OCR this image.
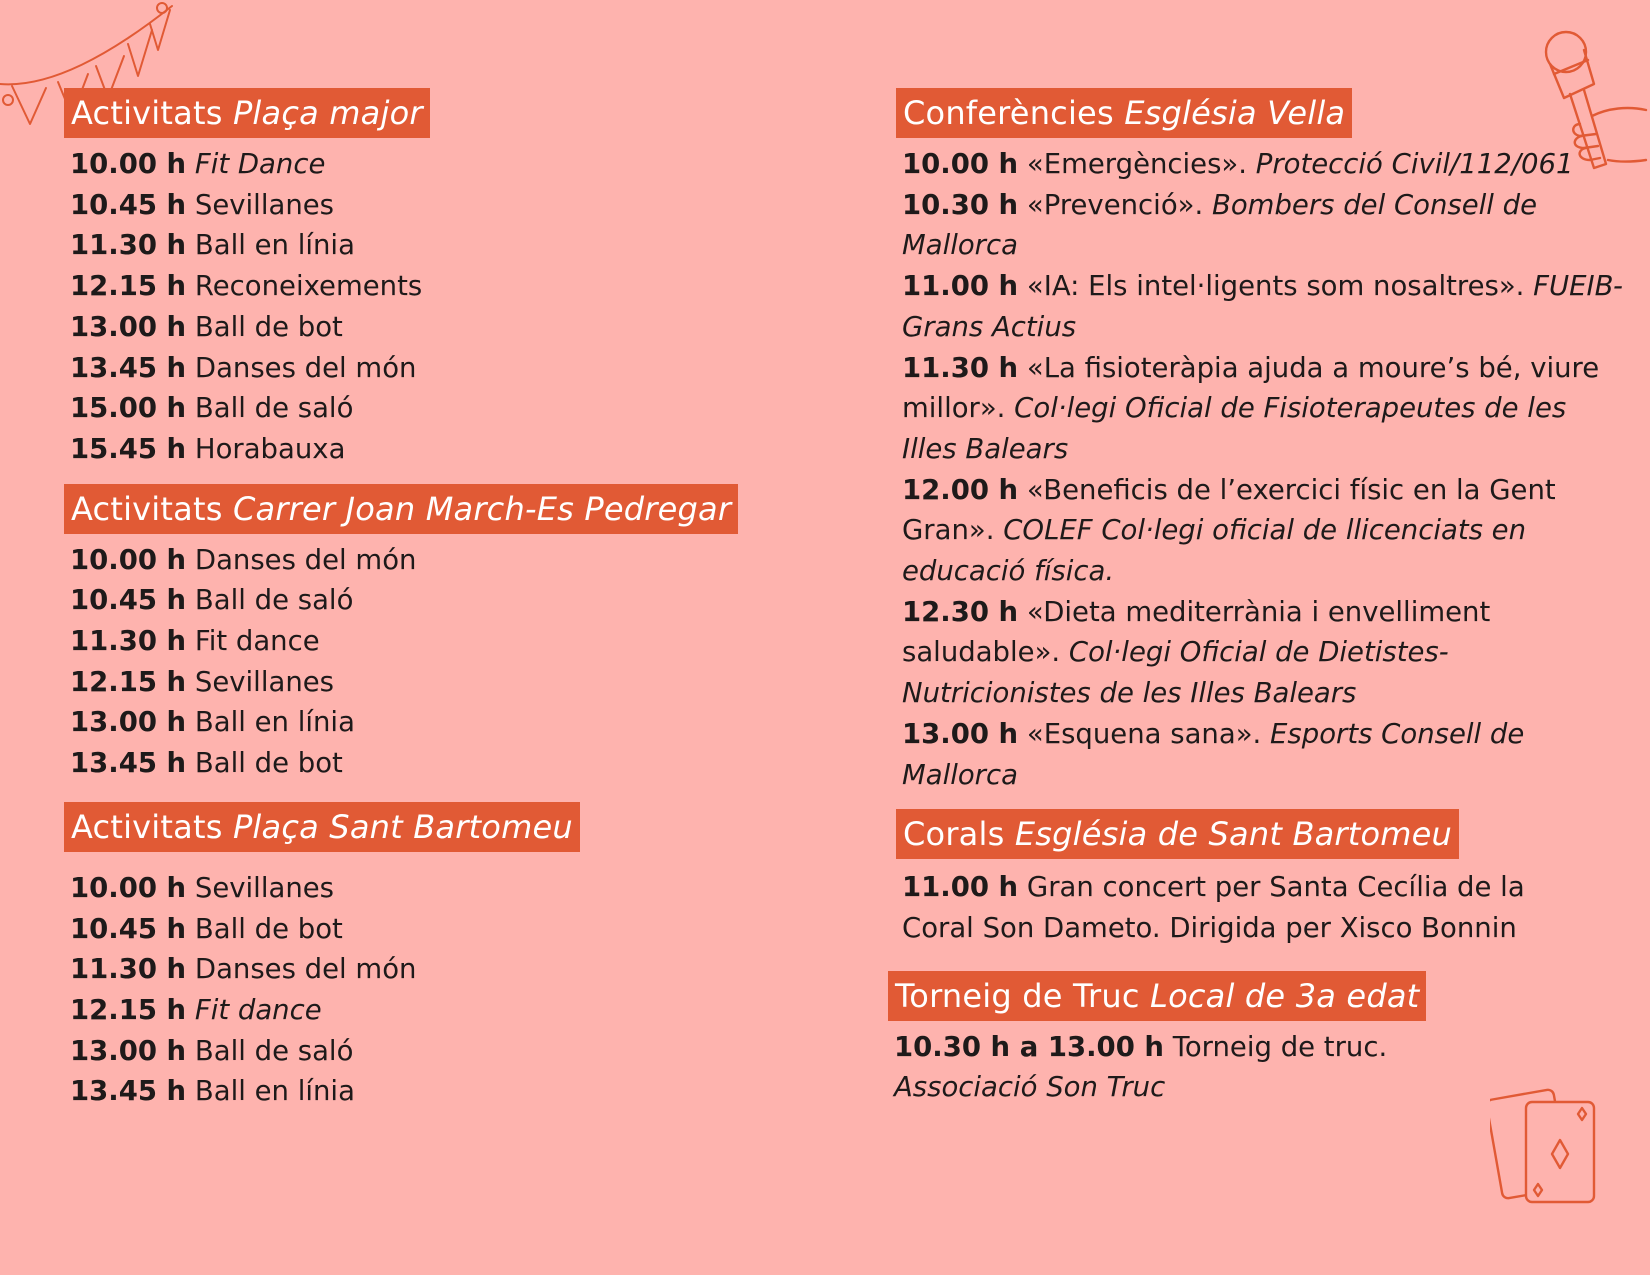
Activitats Plaça major
10.00 h Fit Dance
10.45 h Sevillanes
11.30 h Ball en línia
12.15 h Reconeixements
13.00 h Ball de bot
13.45 h Danses del món
15.00 h Ball de saló
15.45 h Horabauxa
Activitats Carrer Joan March-Es Pedregar
10.00 h Danses del món
10.45 h Ball de saló
11.30 h Fit dance
12.15 h Sevillanes
13.00 h Ball en línia
13.45 h Ball de bot
Activitats Plaça Sant Bartomeu
10.00 h Sevillanes
10.45 h Ball de bot
11.30 h Danses del món
12.15 h Fit dance
13.00 h Ball de saló
13.45 h Ball en línia
Conferències Església Vella
10.00 h «Emergències». Protecció Civil/112/061
10.30 h «Prevenció». Bombers del Consell de
Mallorca
11.00 h «IA: Els intel·ligents som nosaltres». FUEIB-
Grans Actius
11.30 h «La fisioteràpia ajuda a moure’s bé, viure
millor». Col·legi Oficial de Fisioterapeutes de les
Illes Balears
12.00 h «Beneficis de l’exercici físic en la Gent
Gran». COLEF Col·legi oficial de llicenciats en
educació física.
12.30 h «Dieta mediterrània i envelliment
saludable». Col·legi Oficial de Dietistes-
Nutricionistes de les Illes Balears
13.00 h «Esquena sana». Esports Consell de
Mallorca
Corals Església de Sant Bartomeu
11.00 h Gran concert per Santa Cecília de la
Coral Son Dameto. Dirigida per Xisco Bonnin
Torneig de Truc Local de 3a edat
10.30 h a 13.00 h Torneig de truc.
Associació Son Truc
